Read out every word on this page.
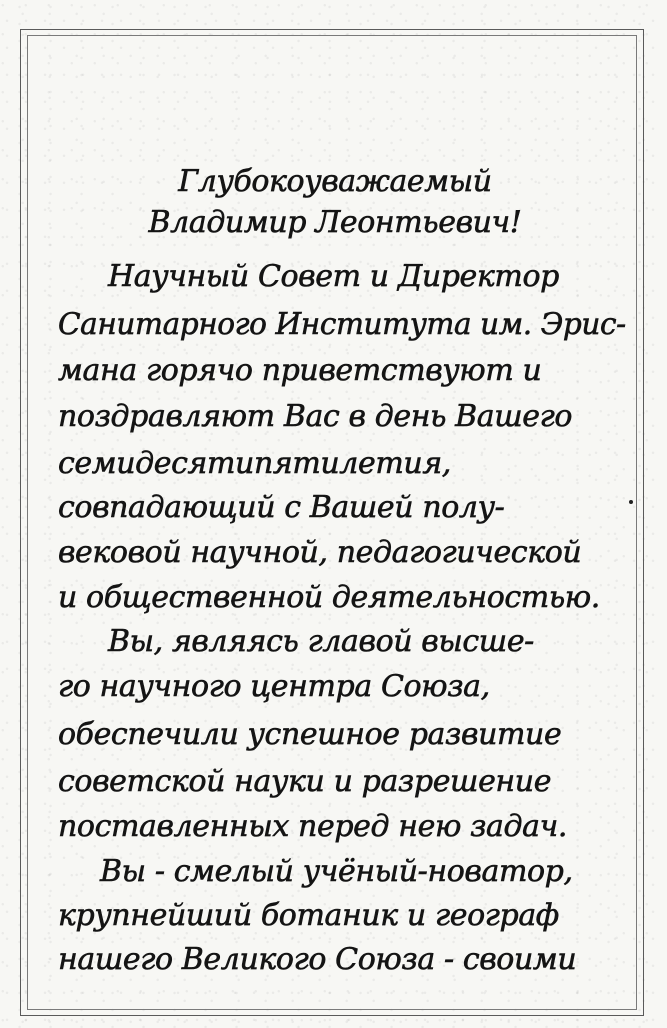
Глубокоуважаемый
Владимир Леонтьевич!
Научный Совет и Директор
Санитарного Института им. Эрис-
мана горячо приветствуют и
поздравляют Вас в день Вашего
семидесятипятилетия,
совпадающий с Вашей полу-
вековой научной, педагогической
и общественной деятельностью.
Вы, являясь главой высше-
го научного центра Союза,
обеспечили успешное развитие
советской науки и разрешение
поставленных перед нею задач.
Вы - смелый учёный-новатор,
крупнейший ботаник и географ
нашего Великого Союза - своими
